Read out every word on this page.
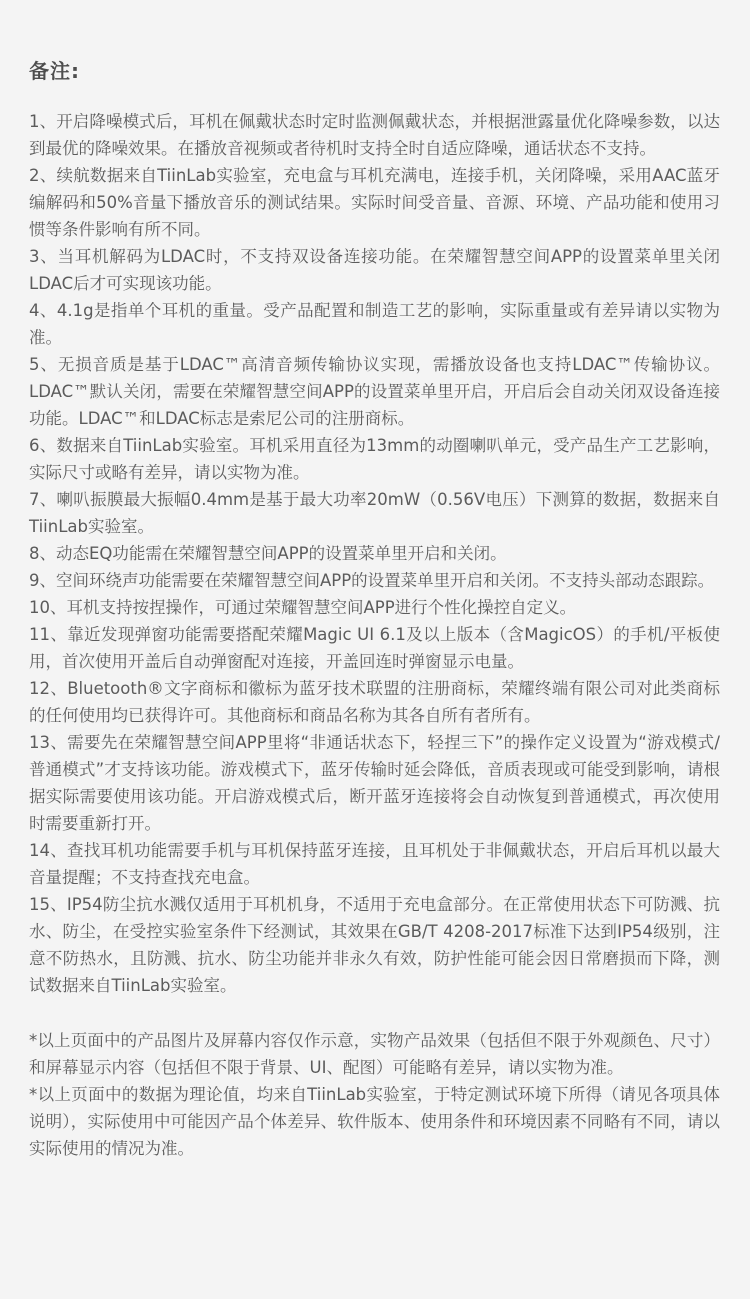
备注:

1、开启降噪模式后，耳机在佩戴状态时定时监测佩戴状态，并根据泄露量优化降噪参数，以达到最优的降噪效果。在播放音视频或者待机时支持全时自适应降噪，通话状态不支持。

2、续航数据来自TiinLab实验室，充电盒与耳机充满电，连接手机，关闭降噪，采用AAC蓝牙编解码和50%音量下播放音乐的测试结果。实际时间受音量、音源、环境、产品功能和使用习惯等条件影响有所不同。

3、当耳机解码为LDAC时，不支持双设备连接功能。在荣耀智慧空间APP的设置菜单里关闭LDAC后才可实现该功能。

4、4.1g是指单个耳机的重量。受产品配置和制造工艺的影响，实际重量或有差异请以实物为准。

5、无损音质是基于LDAC™高清音频传输协议实现，需播放设备也支持LDAC™传输协议。LDAC™默认关闭，需要在荣耀智慧空间APP的设置菜单里开启，开启后会自动关闭双设备连接功能。LDAC™和LDAC标志是索尼公司的注册商标。

6、数据来自TiinLab实验室。耳机采用直径为13mm的动圈喇叭单元，受产品生产工艺影响，实际尺寸或略有差异，请以实物为准。

7、喇叭振膜最大振幅0.4mm是基于最大功率20mW（0.56V电压）下测算的数据，数据来自TiinLab实验室。

8、动态EQ功能需在荣耀智慧空间APP的设置菜单里开启和关闭。

9、空间环绕声功能需要在荣耀智慧空间APP的设置菜单里开启和关闭。不支持头部动态跟踪。

10、耳机支持按捏操作，可通过荣耀智慧空间APP进行个性化操控自定义。

11、靠近发现弹窗功能需要搭配荣耀Magic UI 6.1及以上版本（含MagicOS）的手机/平板使用，首次使用开盖后自动弹窗配对连接，开盖回连时弹窗显示电量。

12、Bluetooth®文字商标和徽标为蓝牙技术联盟的注册商标，荣耀终端有限公司对此类商标的任何使用均已获得许可。其他商标和商品名称为其各自所有者所有。

13、需要先在荣耀智慧空间APP里将“非通话状态下，轻捏三下”的操作定义设置为“游戏模式/普通模式”才支持该功能。游戏模式下，蓝牙传输时延会降低，音质表现或可能受到影响，请根据实际需要使用该功能。开启游戏模式后，断开蓝牙连接将会自动恢复到普通模式，再次使用时需要重新打开。

14、查找耳机功能需要手机与耳机保持蓝牙连接，且耳机处于非佩戴状态，开启后耳机以最大音量提醒；不支持查找充电盒。

15、IP54防尘抗水溅仅适用于耳机机身，不适用于充电盒部分。在正常使用状态下可防溅、抗水、防尘，在受控实验室条件下经测试，其效果在GB/T 4208-2017标准下达到IP54级别，注意不防热水，且防溅、抗水、防尘功能并非永久有效，防护性能可能会因日常磨损而下降，测试数据来自TiinLab实验室。

*以上页面中的产品图片及屏幕内容仅作示意，实物产品效果（包括但不限于外观颜色、尺寸）和屏幕显示内容（包括但不限于背景、UI、配图）可能略有差异，请以实物为准。

*以上页面中的数据为理论值，均来自TiinLab实验室，于特定测试环境下所得（请见各项具体说明），实际使用中可能因产品个体差异、软件版本、使用条件和环境因素不同略有不同，请以实际使用的情况为准。
